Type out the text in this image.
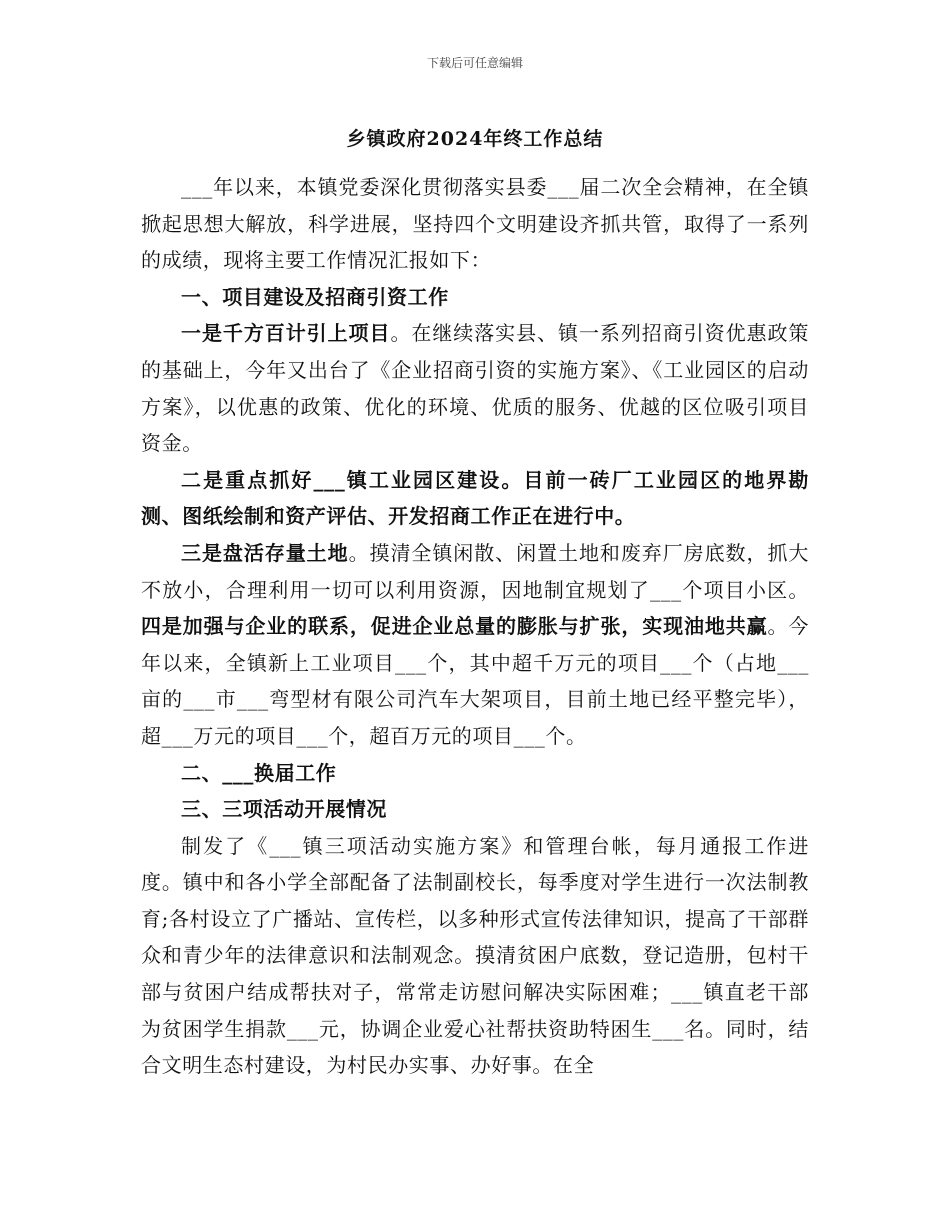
下载后可任意编辑
乡镇政府2024年终工作总结

___年以来，本镇党委深化贯彻落实县委___届二次全会精神，在全镇掀起思想大解放，科学进展，坚持四个文明建设齐抓共管，取得了一系列的成绩，现将主要工作情况汇报如下：

一、项目建设及招商引资工作

一是千方百计引上项目。在继续落实县、镇一系列招商引资优惠政策的基础上，今年又出台了《企业招商引资的实施方案》、《工业园区的启动方案》，以优惠的政策、优化的环境、优质的服务、优越的区位吸引项目资金。

二是重点抓好___镇工业园区建设。目前一砖厂工业园区的地界勘测、图纸绘制和资产评估、开发招商工作正在进行中。

三是盘活存量土地。摸清全镇闲散、闲置土地和废弃厂房底数，抓大不放小，合理利用一切可以利用资源，因地制宜规划了___个项目小区。四是加强与企业的联系，促进企业总量的膨胀与扩张，实现油地共赢。今年以来，全镇新上工业项目___个，其中超千万元的项目___个（占地___亩的___市___弯型材有限公司汽车大架项目，目前土地已经平整完毕），超___万元的项目___个，超百万元的项目___个。

二、___换届工作

三、三项活动开展情况

制发了《___镇三项活动实施方案》和管理台帐，每月通报工作进度。镇中和各小学全部配备了法制副校长，每季度对学生进行一次法制教育;各村设立了广播站、宣传栏，以多种形式宣传法律知识，提高了干部群众和青少年的法律意识和法制观念。摸清贫困户底数，登记造册，包村干部与贫困户结成帮扶对子，常常走访慰问解决实际困难；___镇直老干部为贫困学生捐款___元，协调企业爱心社帮扶资助特困生___名。同时，结合文明生态村建设，为村民办实事、办好事。在全
